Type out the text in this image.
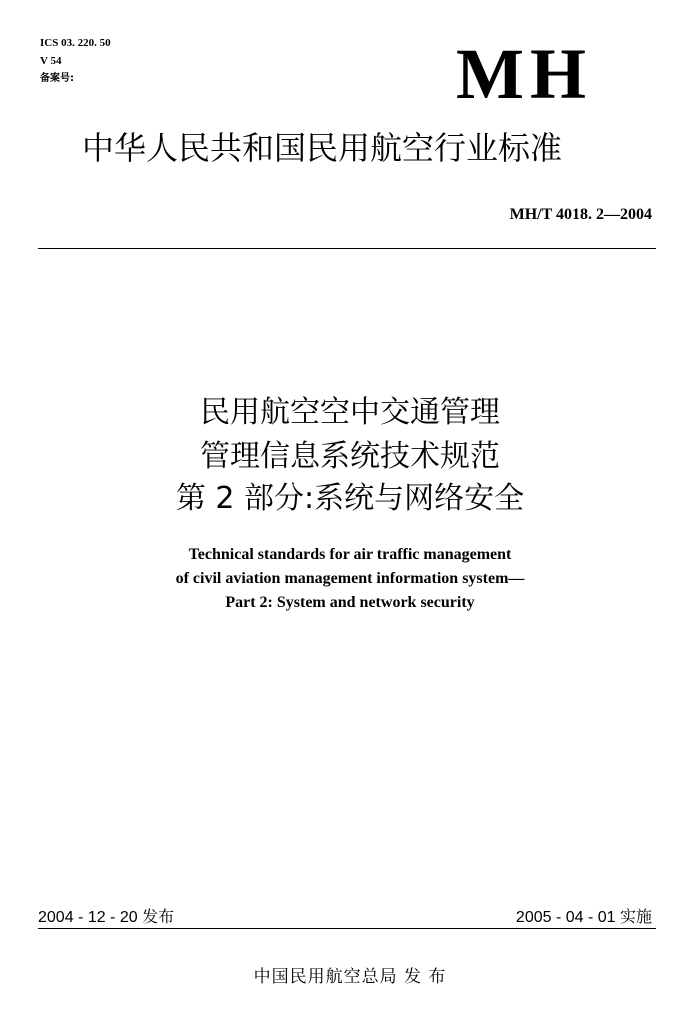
ICS 03. 220. 50
V 54
备案号:	MH
中华人民共和国民用航空行业标准
MH/T 4018. 2—2004
民用航空空中交通管理
管理信息系统技术规范
第 2 部分:系统与网络安全
Technical standards for air traffic management
of civil aviation management information system—
Part 2: System and network security
2004 - 12 - 20 发布	2005 - 04 - 01 实施
中国民用航空总局 发 布
